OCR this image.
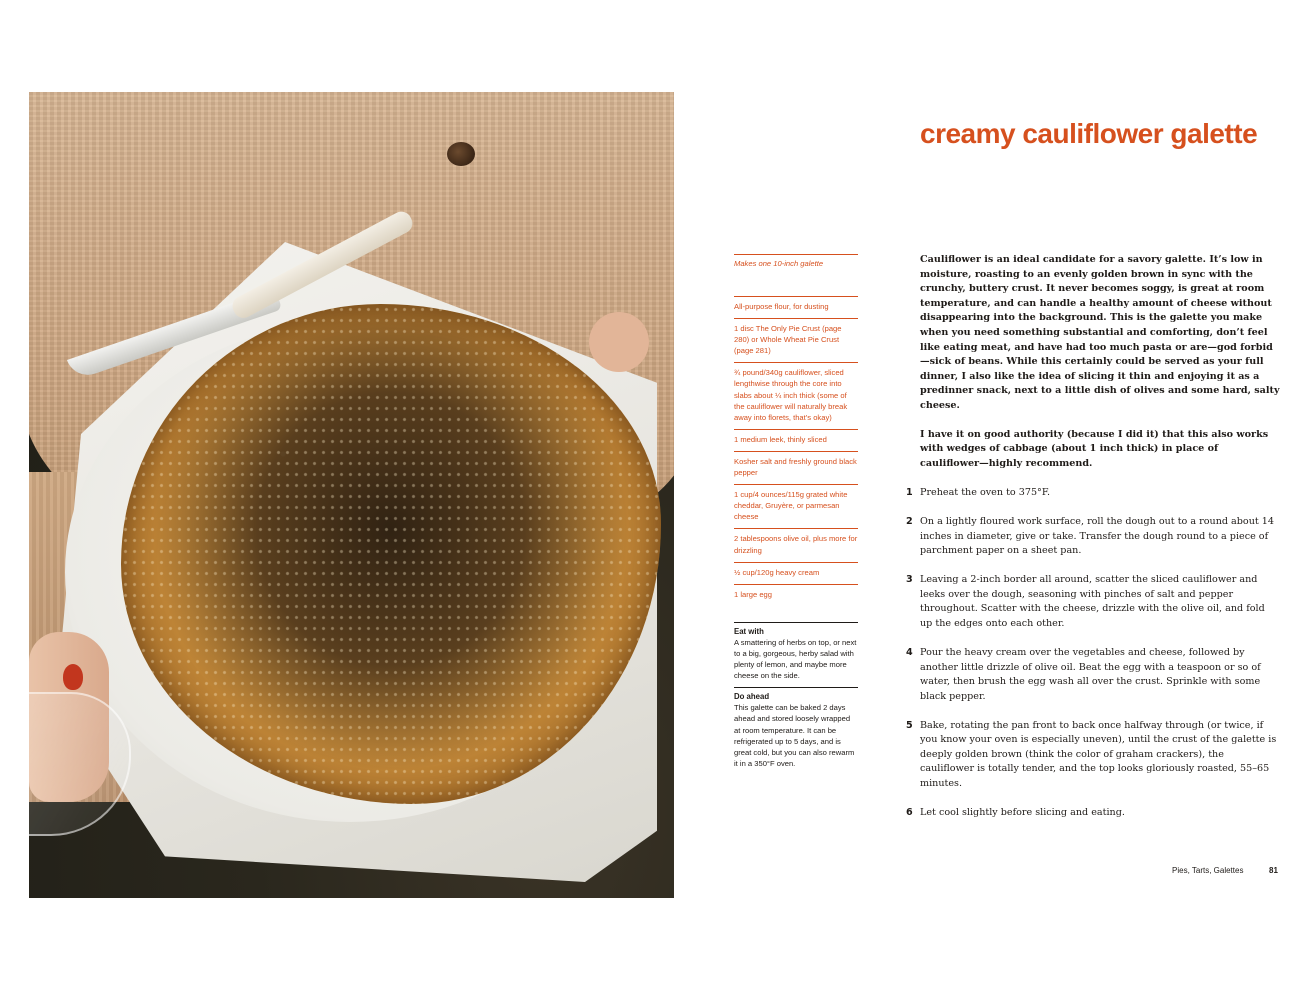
creamy cauliflower galette
Makes one 10-inch galette
All-purpose flour, for dusting
1 disc The Only Pie Crust (page 280) or Whole Wheat Pie Crust (page 281)
¾ pound/340g cauliflower, sliced lengthwise through the core into slabs about ¼ inch thick (some of the cauliflower will naturally break away into florets, that’s okay)
1 medium leek, thinly sliced
Kosher salt and freshly ground black pepper
1 cup/4 ounces/115g grated white cheddar, Gruyère, or parmesan cheese
2 tablespoons olive oil, plus more for drizzling
½ cup/120g heavy cream
1 large egg
Eat with

A smattering of herbs on top, or next to a big, gorgeous, herby salad with plenty of lemon, and maybe more cheese on the side.

Do ahead

This galette can be baked 2 days ahead and stored loosely wrapped at room temperature. It can be refrigerated up to 5 days, and is great cold, but you can also rewarm it in a 350°F oven.

Cauliflower is an ideal candidate for a savory galette. It’s low in moisture, roasting to an evenly golden brown in sync with the crunchy, buttery crust. It never becomes soggy, is great at room temperature, and can handle a healthy amount of cheese without disappearing into the background. This is the galette you make when you need something substantial and comforting, don’t feel like eating meat, and have had too much pasta or are—god forbid—sick of beans. While this certainly could be served as your full dinner, I also like the idea of slicing it thin and enjoying it as a predinner snack, next to a little dish of olives and some hard, salty cheese.

I have it on good authority (because I did it) that this also works with wedges of cabbage (about 1 inch thick) in place of cauliflower—highly recommend.

1 Preheat the oven to 375°F.
2 On a lightly floured work surface, roll the dough out to a round about 14 inches in diameter, give or take. Transfer the dough round to a piece of parchment paper on a sheet pan.
3 Leaving a 2-inch border all around, scatter the sliced cauliflower and leeks over the dough, seasoning with pinches of salt and pepper throughout. Scatter with the cheese, drizzle with the olive oil, and fold up the edges onto each other.
4 Pour the heavy cream over the vegetables and cheese, followed by another little drizzle of olive oil. Beat the egg with a teaspoon or so of water, then brush the egg wash all over the crust. Sprinkle with some black pepper.
5 Bake, rotating the pan front to back once halfway through (or twice, if you know your oven is especially uneven), until the crust of the galette is deeply golden brown (think the color of graham crackers), the cauliflower is totally tender, and the top looks gloriously roasted, 55–65 minutes.
6 Let cool slightly before slicing and eating.
Pies, Tarts, Galettes	81
